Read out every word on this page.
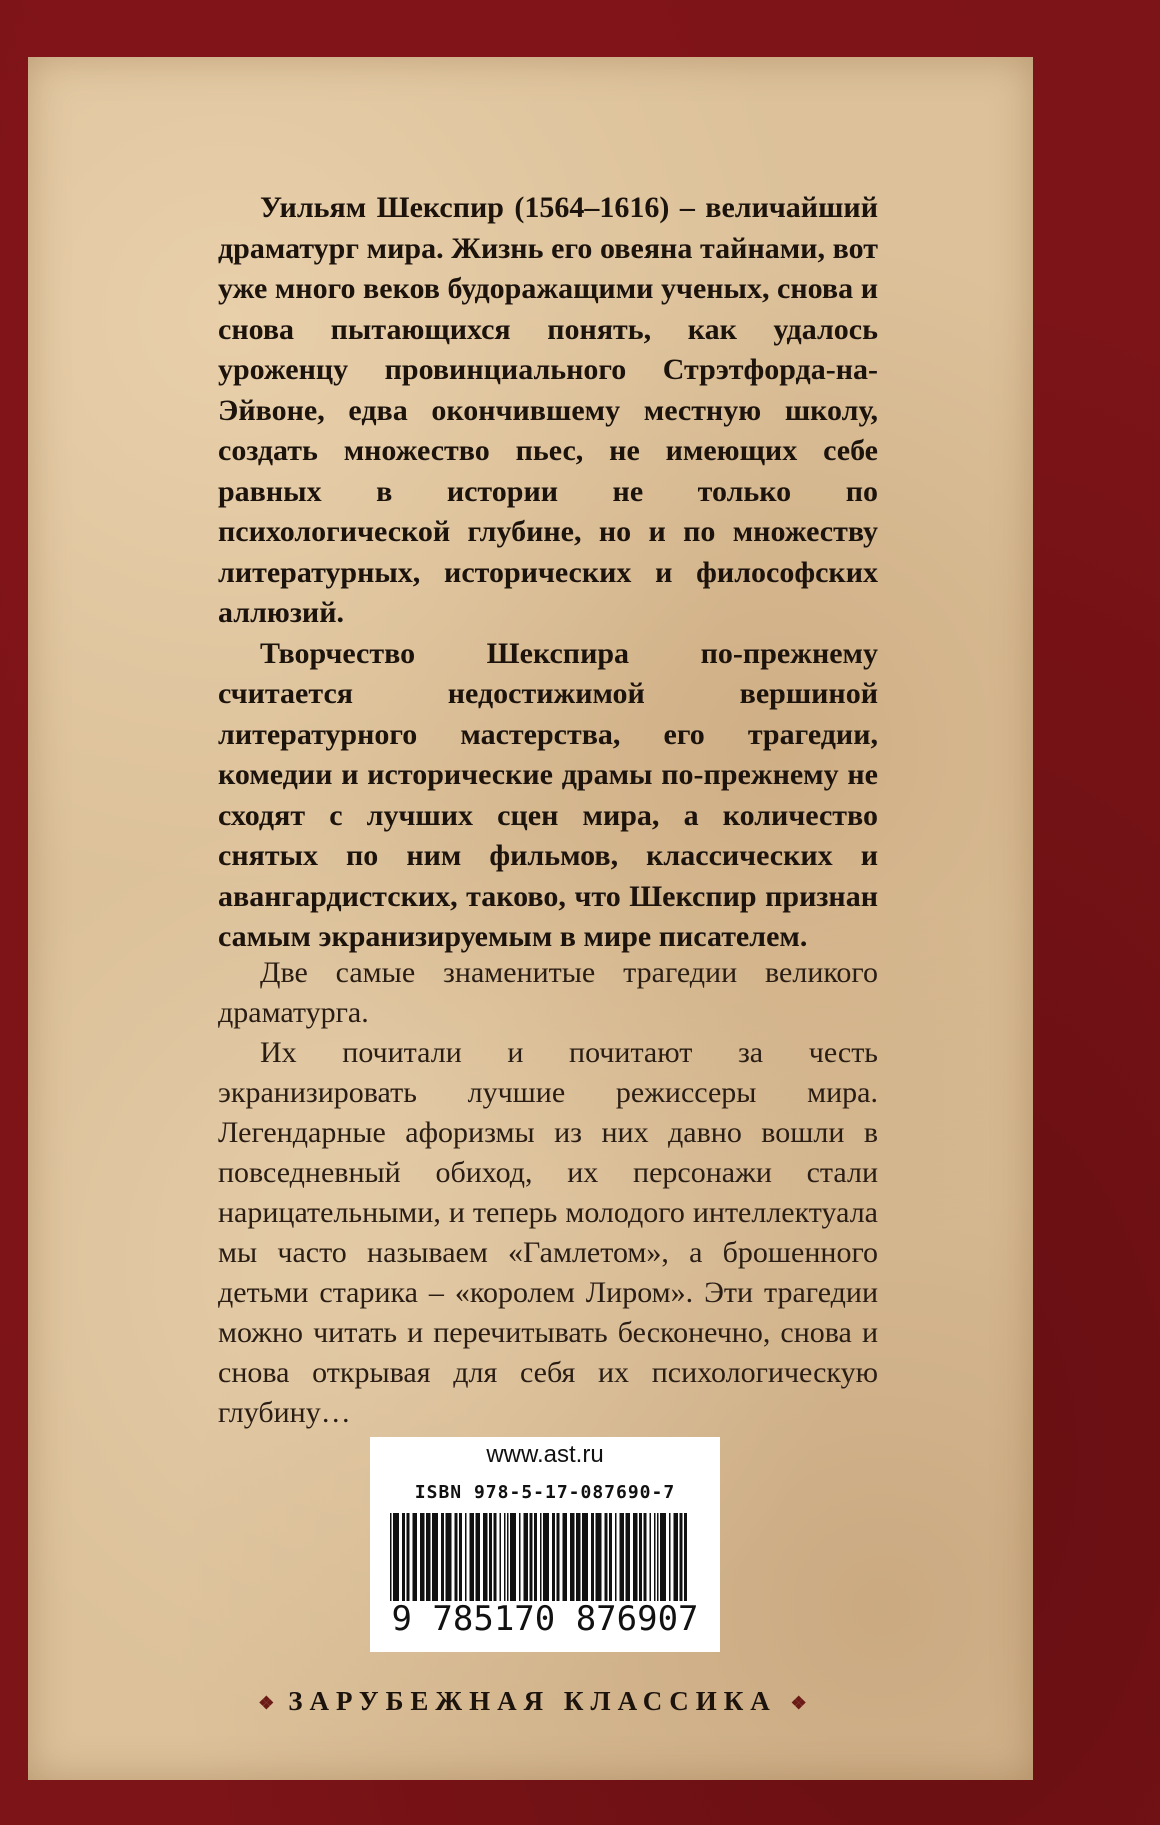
Уильям Шекспир (1564–1616) – величайший драматург мира. Жизнь его овеяна тайнами, вот уже много веков будоражащими ученых, снова и снова пытающихся понять, как удалось уроженцу провинциального Стрэтфорда-на-Эйвоне, едва окончившему местную школу, создать множество пьес, не имеющих себе равных в истории не только по психологической глубине, но и по множеству литературных, исторических и философских аллюзий.

Творчество Шекспира по-прежнему считается недостижимой вершиной литературного мастерства, его трагедии, комедии и исторические драмы по-прежнему не сходят с лучших сцен мира, а количество снятых по ним фильмов, классических и авангардистских, таково, что Шекспир признан самым экранизируемым в мире писателем.

Две самые знаменитые трагедии великого драматурга.

Их почитали и почитают за честь экранизировать лучшие режиссеры мира. Легендарные афоризмы из них давно вошли в повседневный обиход, их персонажи стали нарицательными, и теперь молодого интеллектуала мы часто называем «Гамлетом», а брошенного детьми старика – «королем Лиром». Эти трагедии можно читать и перечитывать бесконечно, снова и снова открывая для себя их психологическую глубину…

www.ast.ru
ISBN 978-5-17-087690-7
9 785170 876907
❖ ЗАРУБЕЖНАЯ КЛАССИКА ❖
